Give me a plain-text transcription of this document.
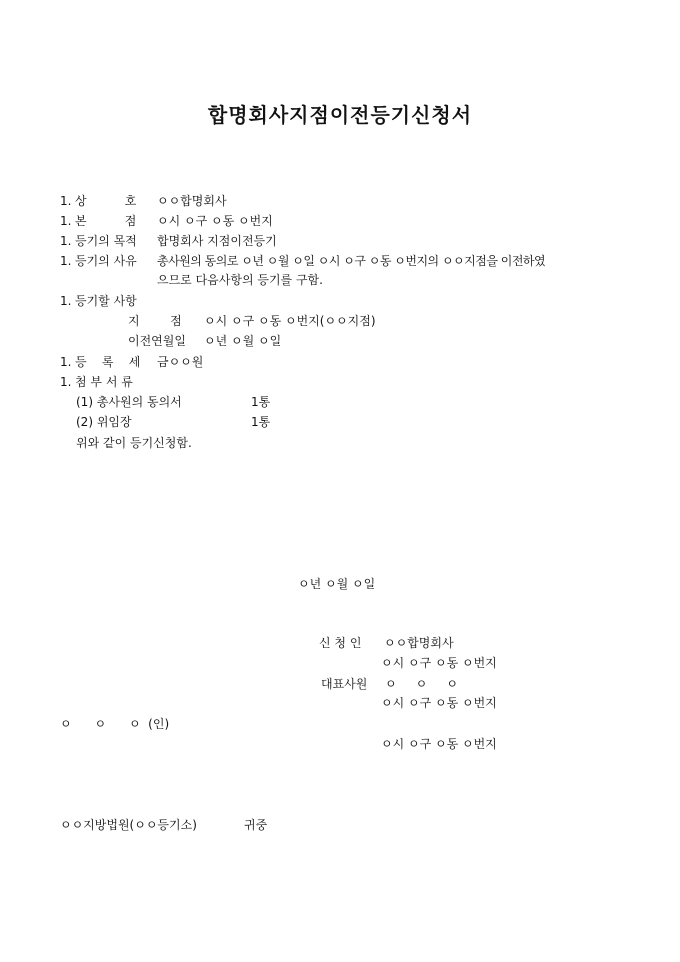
합명회사지점이전등기신청서
1. 상          호 ㅇㅇ합명회사
1. 본          점 ㅇ시 ㅇ구 ㅇ동 ㅇ번지
1. 등기의 목적 합명회사 지점이전등기
1. 등기의 사유 총사원의 동의로 ㅇ년 ㅇ월 ㅇ일 ㅇ시 ㅇ구 ㅇ동 ㅇ번지의 ㅇㅇ지점을 이전하였
으므로 다음사항의 등기를 구함.
1. 등기할 사항
지        점 ㅇ시 ㅇ구 ㅇ동 ㅇ번지(ㅇㅇ지점)
이전연월일 ㅇ년 ㅇ월 ㅇ일
1. 등    록    세 금ㅇㅇ원
1. 첨 부 서 류
(1) 총사원의 동의서	1통
(2) 위임장	1통
위와 같이 등기신청함.
ㅇ년 ㅇ월 ㅇ일
신 청 인 ㅇㅇ합명회사
ㅇ시 ㅇ구 ㅇ동 ㅇ번지
대표사원 ㅇ     ㅇ     ㅇ
ㅇ시 ㅇ구 ㅇ동 ㅇ번지
ㅇ      ㅇ      ㅇ  (인)
ㅇ시 ㅇ구 ㅇ동 ㅇ번지
ㅇㅇ지방법원(ㅇㅇ등기소)	귀중
